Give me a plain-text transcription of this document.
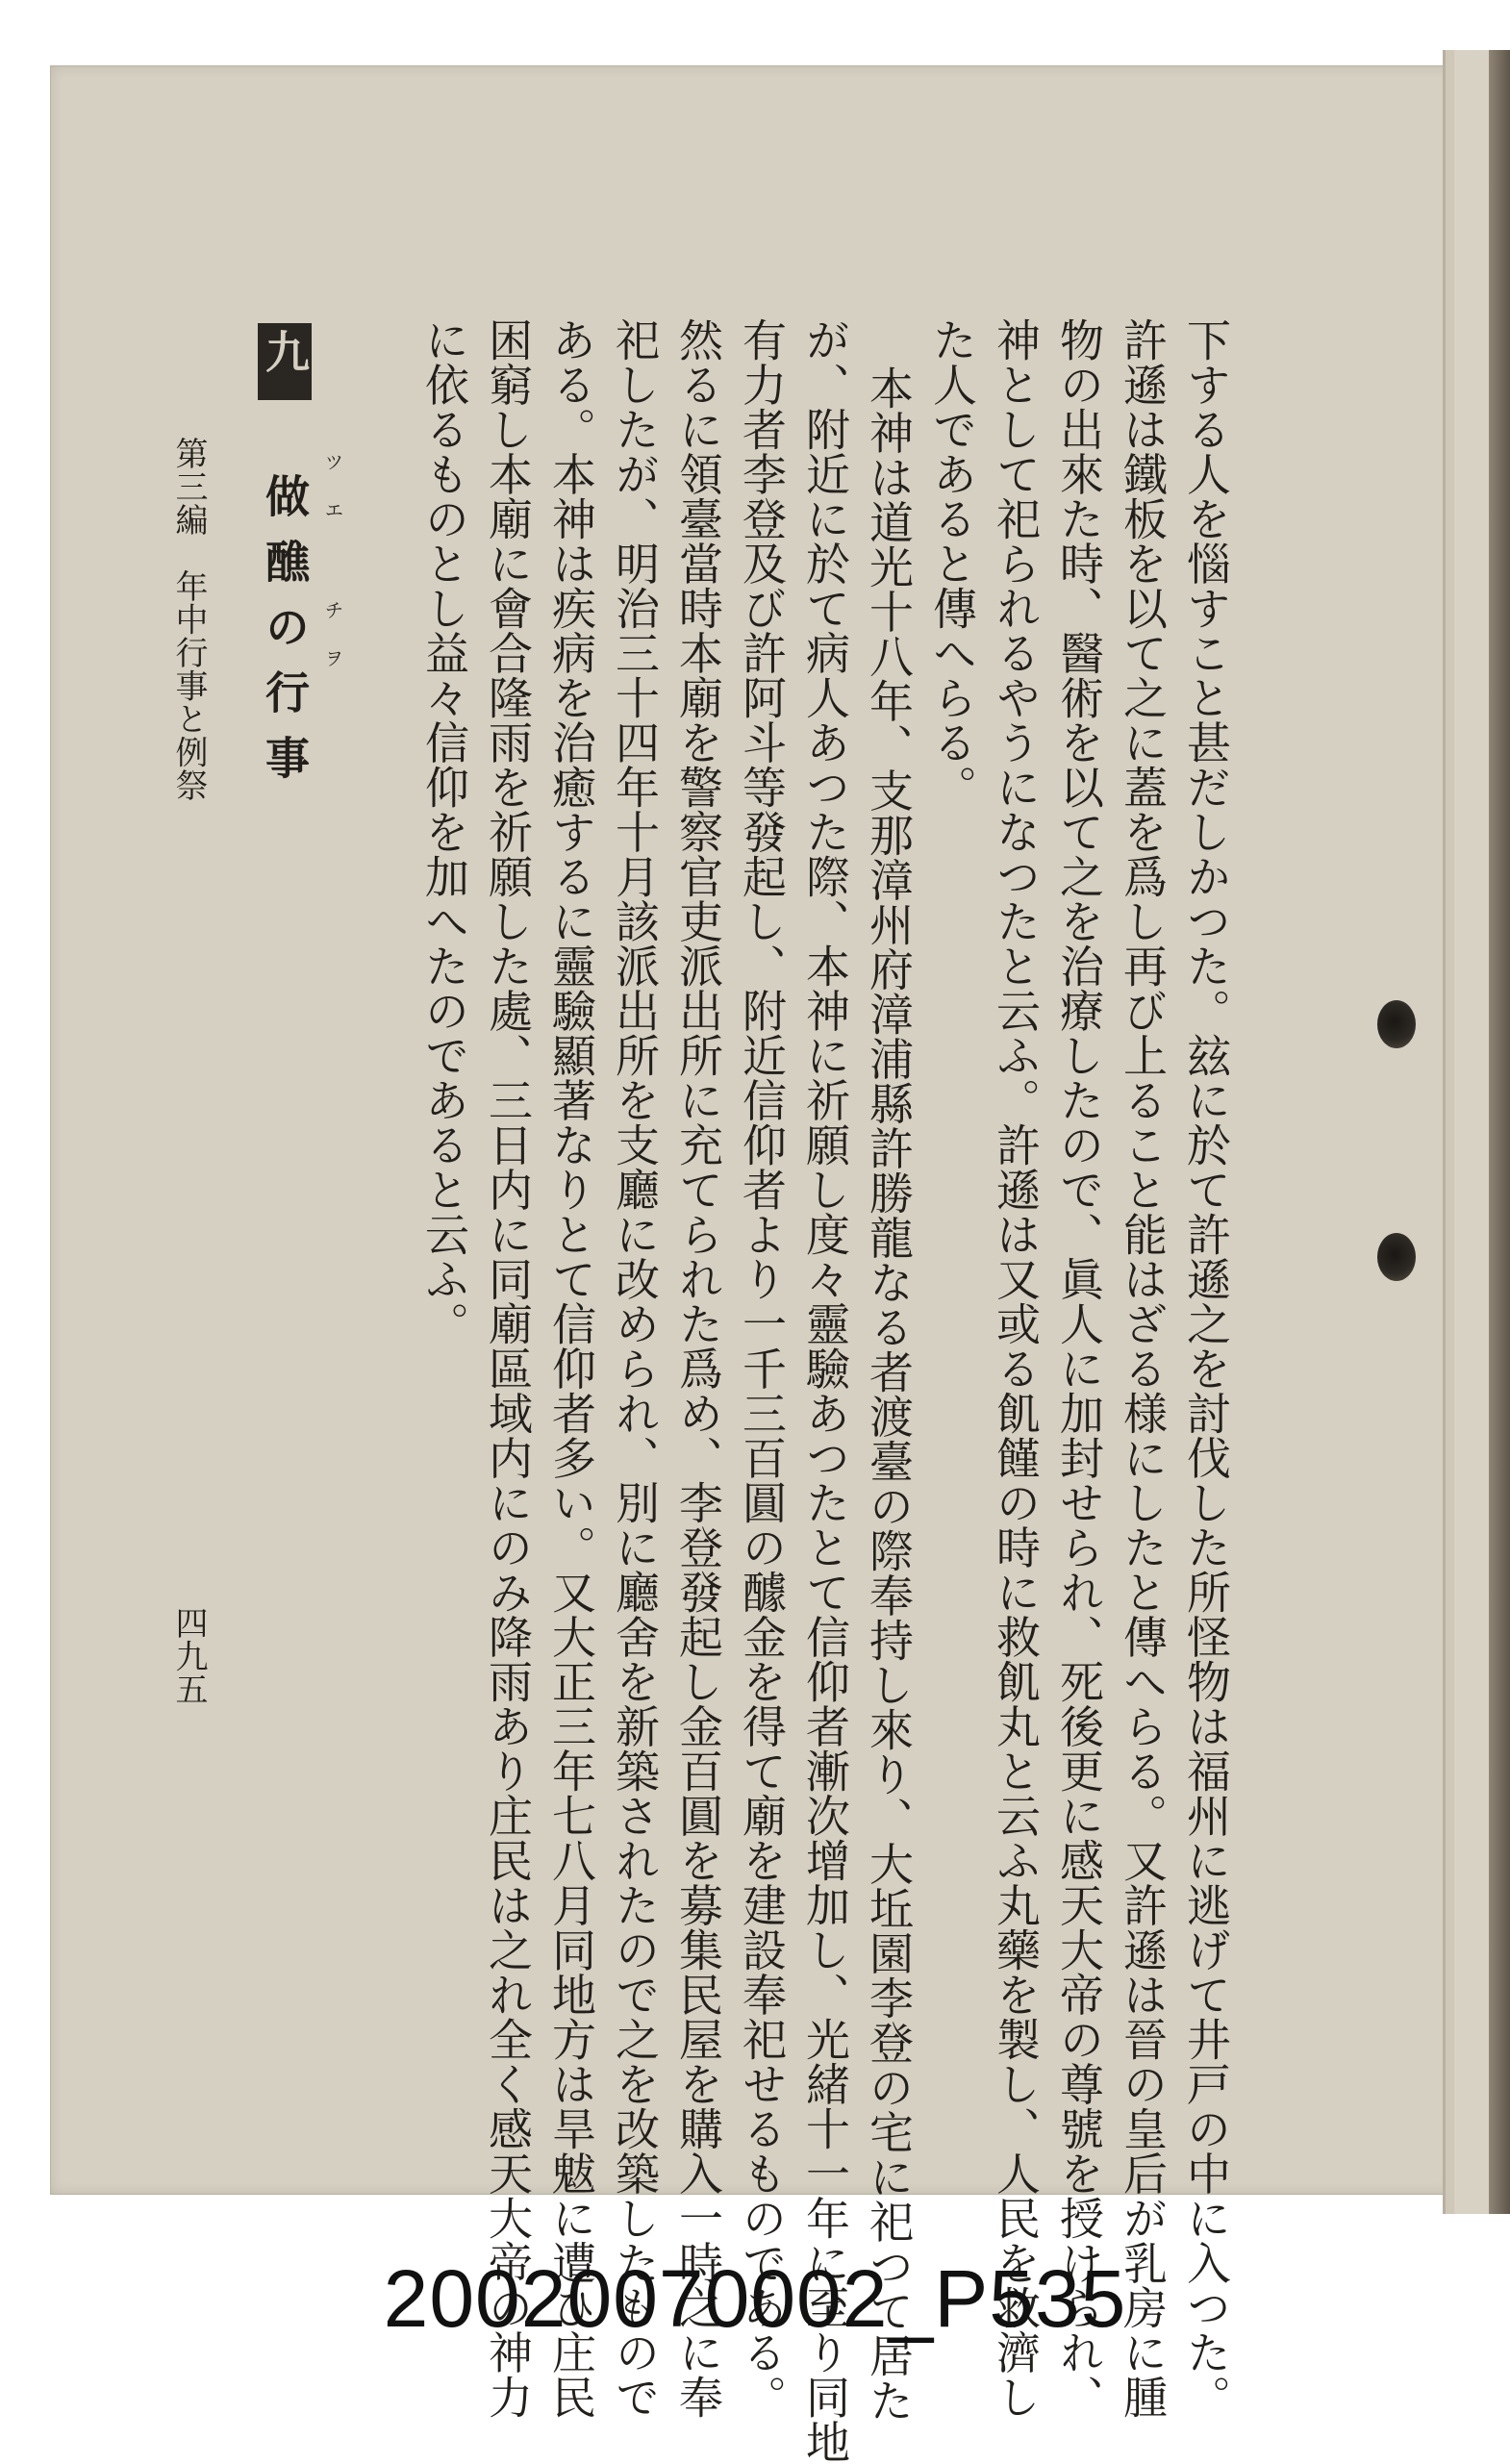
下する人を惱すこと甚だしかつた。玆に於て許遜之を討伐した所怪物は福州に逃げて井戸の中に入つた。
許遜は鐵板を以て之に蓋を爲し再び上ること能はざる様にしたと傳へらる。又許遜は晉の皇后が乳房に腫
物の出來た時、醫術を以て之を治療したので、眞人に加封せられ、死後更に感天大帝の尊號を授けられ、
神として祀られるやうになつたと云ふ。許遜は又或る飢饉の時に救飢丸と云ふ丸藥を製し、人民を救濟し
た人であると傳へらる。
本神は道光十八年、支那漳州府漳浦縣許勝龍なる者渡臺の際奉持し來り、大坵園李登の宅に祀つて居た
が、附近に於て病人あつた際、本神に祈願し度々靈驗あつたとて信仰者漸次增加し、光緒十一年に至り同地
有力者李登及び許阿斗等發起し、附近信仰者より一千三百圓の醵金を得て廟を建設奉祀せるものである。
然るに領臺當時本廟を警察官吏派出所に充てられた爲め、李登發起し金百圓を募集民屋を購入一時之に奉
祀したが、明治三十四年十月該派出所を支廳に改められ、別に廳舍を新築されたので之を改築したもので
ある。本神は疾病を治癒するに靈驗顯著なりとて信仰者多い。又大正三年七八月同地方は旱魃に遭ひ庄民
困窮し本廟に會合隆雨を祈願した處、三日内に同廟區域内にのみ降雨あり庄民は之れ全く感天大帝の神力
に依るものとし益々信仰を加へたのであると云ふ。
九 做醮の行事 ツエ チヲ
第三編　年中行事と例祭
四九五
20020070002_P535
